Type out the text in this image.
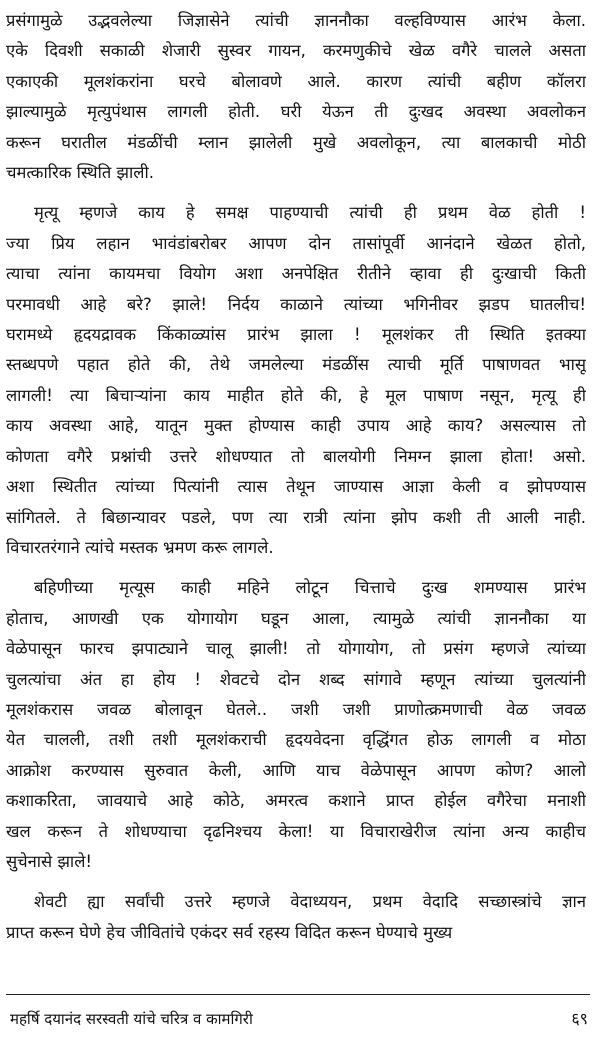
प्रसंगामुळे उद्भवलेल्या जिज्ञासेने त्यांची ज्ञाननौका वल्हविण्यास आरंभ केला.
एके दिवशी सकाळी शेजारी सुस्वर गायन, करमणुकीचे खेळ वगैरे चालले असता
एकाएकी मूलशंकरांना घरचे बोलावणे आले. कारण त्यांची बहीण कॉलरा
झाल्यामुळे मृत्युपंथास लागली होती. घरी येऊन ती दुःखद अवस्था अवलोकन
करून घरातील मंडळींची म्लान झालेली मुखे अवलोकून, त्या बालकाची मोठी
चमत्कारिक स्थिति झाली.
मृत्यू म्हणजे काय हे समक्ष पाहण्याची त्यांची ही प्रथम वेळ होती !
ज्या प्रिय लहान भावंडांबरोबर आपण दोन तासांपूर्वी आनंदाने खेळत होतो,
त्याचा त्यांना कायमचा वियोग अशा अनपेक्षित रीतीने व्हावा ही दुःखाची किती
परमावधी आहे बरे? झाले! निर्दय काळाने त्यांच्या भगिनीवर झडप घातलीच!
घरामध्ये हृदयद्रावक किंकाळ्यांस प्रारंभ झाला ! मूलशंकर ती स्थिति इतक्या
स्तब्धपणे पहात होते की, तेथे जमलेल्या मंडळींस त्याची मूर्ति पाषाणवत भासू
लागली! त्या बिचाऱ्यांना काय माहीत होते की, हे मूल पाषाण नसून, मृत्यू ही
काय अवस्था आहे, यातून मुक्त होण्यास काही उपाय आहे काय? असल्यास तो
कोणता वगैरे प्रश्नांची उत्तरे शोधण्यात तो बालयोगी निमग्न झाला होता! असो.
अशा स्थितीत त्यांच्या पित्यांनी त्यास तेथून जाण्यास आज्ञा केली व झोपण्यास
सांगितले. ते बिछान्यावर पडले, पण त्या रात्री त्यांना झोप कशी ती आली नाही.
विचारतरंगाने त्यांचे मस्तक भ्रमण करू लागले.
बहिणीच्या मृत्यूस काही महिने लोटून चित्ताचे दुःख शमण्यास प्रारंभ
होताच, आणखी एक योगायोग घडून आला, त्यामुळे त्यांची ज्ञाननौका या
वेळेपासून फारच झपाट्याने चालू झाली! तो योगायोग, तो प्रसंग म्हणजे त्यांच्या
चुलत्यांचा अंत हा होय ! शेवटचे दोन शब्द सांगावे म्हणून त्यांच्या चुलत्यांनी
मूलशंकरास जवळ बोलावून घेतले.. जशी जशी प्राणोत्क्रमणाची वेळ जवळ
येत चालली, तशी तशी मूलशंकराची हृदयवेदना वृद्धिंगत होऊ लागली व मोठा
आक्रोश करण्यास सुरुवात केली, आणि याच वेळेपासून आपण कोण? आलो
कशाकरिता, जावयाचे आहे कोठे, अमरत्व कशाने प्राप्त होईल वगैरेचा मनाशी
खल करून ते शोधण्याचा दृढनिश्चय केला! या विचाराखेरीज त्यांना अन्य काहीच
सुचेनासे झाले!
शेवटी ह्या सर्वांची उत्तरे म्हणजे वेदाध्ययन, प्रथम वेदादि सच्छास्त्रांचे ज्ञान
प्राप्त करून घेणे हेच जीवितांचे एकंदर सर्व रहस्य विदित करून घेण्याचे मुख्य
महर्षि दयानंद सरस्वती यांचे चरित्र व कामगिरी	६९
